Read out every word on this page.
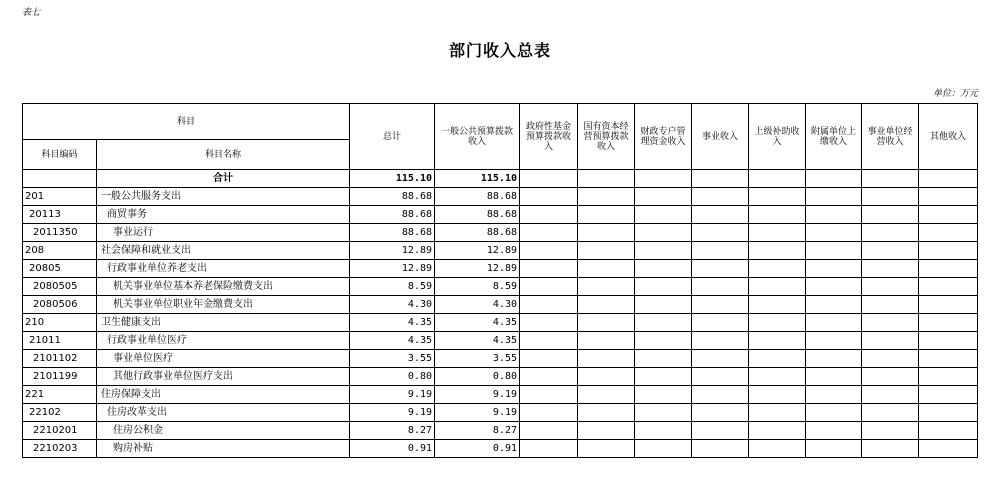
表七
部门收入总表
单位：万元
科目		总计	一般公共预算拨款收入	政府性基金预算拨款收入	国有资本经营预算拨款收入	财政专户管理资金收入	事业收入	上级补助收入	附属单位上缴收入	事业单位经营收入	其他收入
科目编码	科目名称										
	合计	115.10	115.10								
201	一般公共服务支出	88.68	88.68								
20113	商贸事务	88.68	88.68								
2011350	事业运行	88.68	88.68								
208	社会保障和就业支出	12.89	12.89								
20805	行政事业单位养老支出	12.89	12.89								
2080505	机关事业单位基本养老保险缴费支出	8.59	8.59								
2080506	机关事业单位职业年金缴费支出	4.30	4.30								
210	卫生健康支出	4.35	4.35								
21011	行政事业单位医疗	4.35	4.35								
2101102	事业单位医疗	3.55	3.55								
2101199	其他行政事业单位医疗支出	0.80	0.80								
221	住房保障支出	9.19	9.19								
22102	住房改革支出	9.19	9.19								
2210201	住房公积金	8.27	8.27								
2210203	购房补贴	0.91	0.91								
